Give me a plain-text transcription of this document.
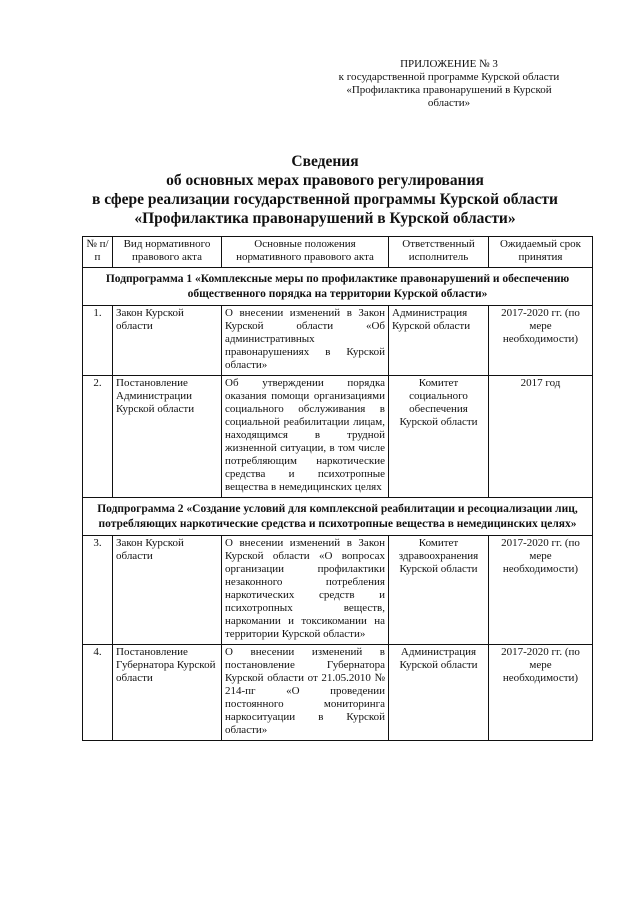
ПРИЛОЖЕНИЕ № 3
к государственной программе Курской области
«Профилактика правонарушений в Курской
области»
Сведения
об основных мерах правового регулирования
в сфере реализации государственной программы Курской области
«Профилактика правонарушений в Курской области»
№ п/п	Вид нормативного правового акта	Основные положения нормативного правового акта	Ответственный исполнитель	Ожидаемый срок принятия
Подпрограмма 1 «Комплексные меры по профилактике правонарушений и обеспечению общественного порядка на территории Курской области»				
1.	Закон Курской области	О внесении изменений в Закон Курской области «Об административных правонарушениях в Курской области»	Администрация Курской области	2017-2020 гг. (по мере необходимости)
2.	Постановление Администрации Курской области	Об утверждении порядка оказания помощи организациями социального обслуживания в социальной реабилитации лицам, находящимся в трудной жизненной ситуации, в том числе потребляющим наркотические средства и психотропные вещества в немедицинских целях	Комитет социального обеспечения Курской области	2017 год
Подпрограмма 2 «Создание условий для комплексной реабилитации и ресоциализации лиц, потребляющих наркотические средства и психотропные вещества в немедицинских целях»				
3.	Закон Курской области	О внесении изменений в Закон Курской области «О вопросах организации профилактики незаконного потребления наркотических средств и психотропных веществ, наркомании и токсикомании на территории Курской области»	Комитет здравоохранения Курской области	2017-2020 гг. (по мере необходимости)
4.	Постановление Губернатора Курской области	О внесении изменений в постановление Губернатора Курской области от 21.05.2010 № 214-пг «О проведении постоянного мониторинга наркоситуации в Курской области»	Администрация Курской области	2017-2020 гг. (по мере необходимости)
